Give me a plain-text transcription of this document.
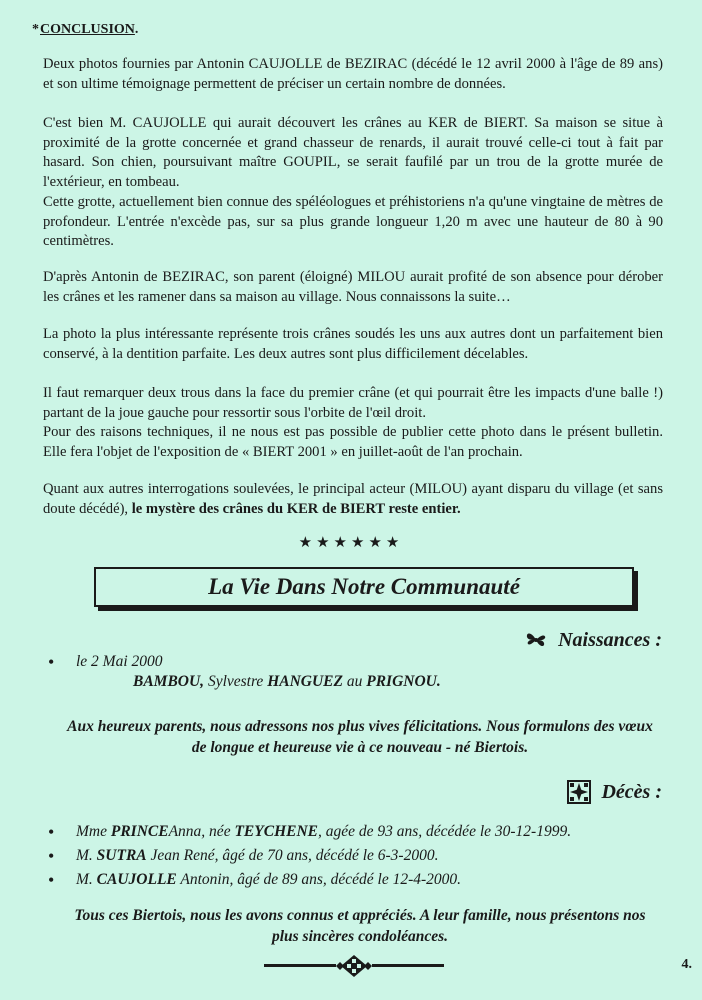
*CONCLUSION.

Deux photos fournies par Antonin CAUJOLLE de BEZIRAC (décédé le 12 avril 2000 à l'âge de 89 ans) et son ultime témoignage permettent de préciser un certain nombre de données.

C'est bien M. CAUJOLLE qui aurait découvert les crânes au KER de BIERT. Sa maison se situe à proximité de la grotte concernée et grand chasseur de renards, il aurait trouvé celle-ci tout à fait par hasard. Son chien, poursuivant maître GOUPIL, se serait faufilé par un trou de la grotte murée de l'extérieur, en tombeau.

Cette grotte, actuellement bien connue des spéléologues et préhistoriens n'a qu'une vingtaine de mètres de profondeur. L'entrée n'excède pas, sur sa plus grande longueur 1,20 m avec une hauteur de 80 à 90 centimètres.

D'après Antonin de BEZIRAC, son parent (éloigné) MILOU aurait profité de son absence pour dérober les crânes et les ramener dans sa maison au village. Nous connaissons la suite…

La photo la plus intéressante représente trois crânes soudés les uns aux autres dont un parfaitement bien conservé, à la dentition parfaite. Les deux autres sont plus difficilement décelables.

Il faut remarquer deux trous dans la face du premier crâne (et qui pourrait être les impacts d'une balle !) partant de la joue gauche pour ressortir sous l'orbite de l'œil droit.

Pour des raisons techniques, il ne nous est pas possible de publier cette photo dans le présent bulletin. Elle fera l'objet de l'exposition de « BIERT 2001 » en juillet-août de l'an prochain.

Quant aux autres interrogations soulevées, le principal acteur (MILOU) ayant disparu du village (et sans doute décédé), le mystère des crânes du KER de BIERT reste entier.

★★★★★★
La Vie Dans Notre Communauté
Naissances :
• le 2 Mai 2000
BAMBOU, Sylvestre HANGUEZ au PRIGNOU.

Aux heureux parents, nous adressons nos plus vives félicitations. Nous formulons des vœux de longue et heureuse vie à ce nouveau - né Biertois.

Décès :
• Mme PRINCEAnna, née TEYCHENE, agée de 93 ans, décédée le 30-12-1999.
• M. SUTRA Jean René, âgé de 70 ans, décédé le 6-3-2000.
• M. CAUJOLLE Antonin, âgé de 89 ans, décédé le 12-4-2000.

Tous ces Biertois, nous les avons connus et appréciés. A leur famille, nous présentons nos plus sincères condoléances.

4.
